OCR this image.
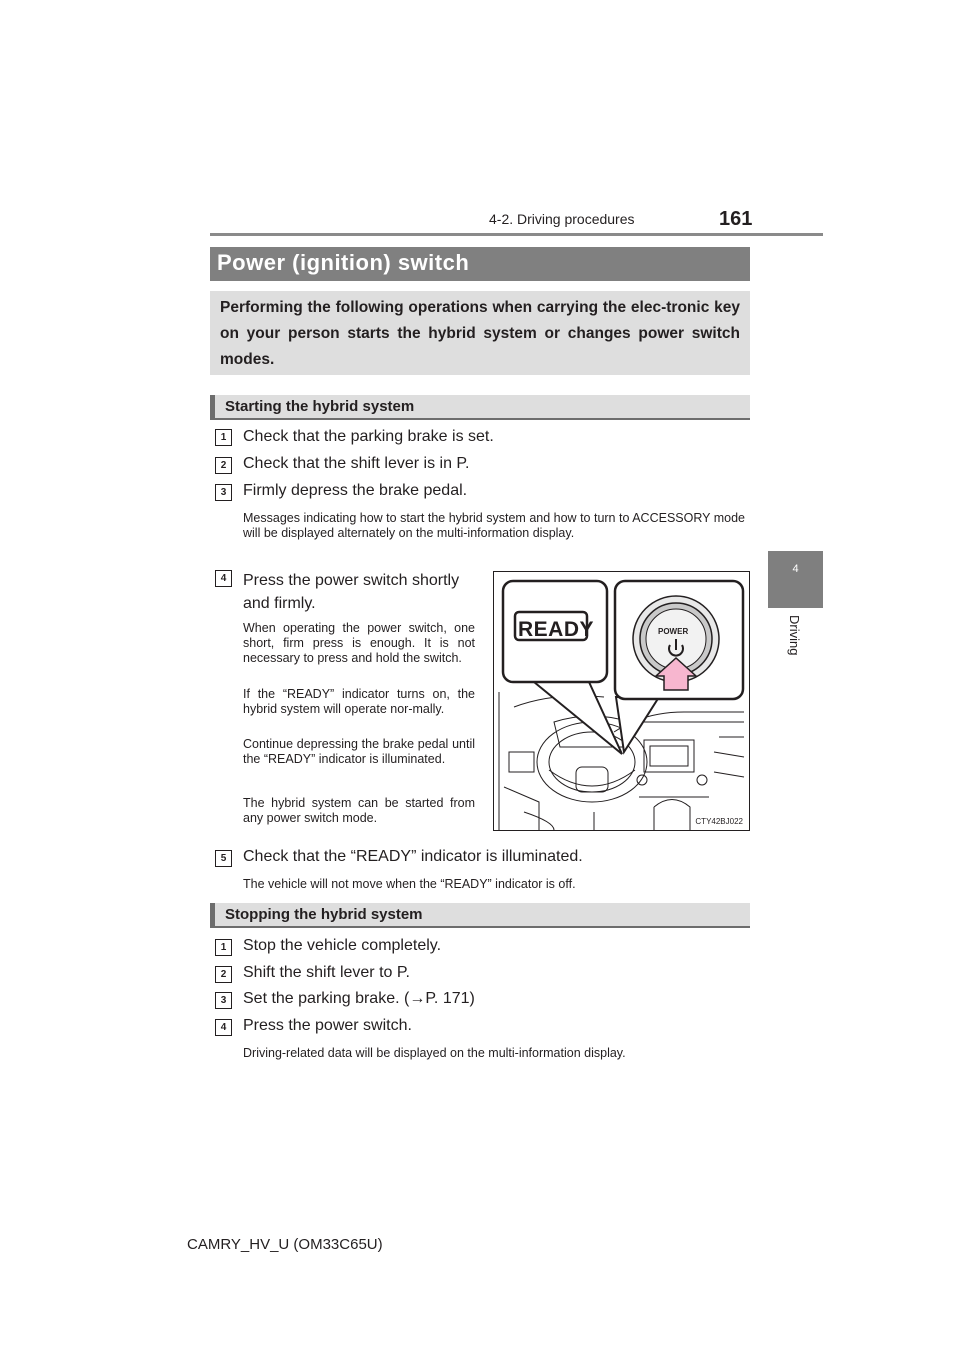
4-2. Driving procedures	161
4
Driving
Power (ignition) switch

Performing the following operations when carrying the elec-tronic key on your person starts the hybrid system or changes power switch modes.

Starting the hybrid system
1	Check that the parking brake is set.
2	Check that the shift lever is in P.
3	Firmly depress the brake pedal.
Messages indicating how to start the hybrid system and how to turn to ACCESSORY mode will be displayed alternately on the multi-information display.
4	Press the power switch shortly and firmly.
When operating the power switch, one short, firm press is enough. It is not necessary to press and hold the switch.
If the “READY” indicator turns on, the hybrid system will operate nor-mally.
Continue depressing the brake pedal until the “READY” indicator is illuminated.
The hybrid system can be started from any power switch mode.
READY	POWER
CTY42BJ022
5	Check that the “READY” indicator is illuminated.
The vehicle will not move when the “READY” indicator is off.
Stopping the hybrid system
1	Stop the vehicle completely.
2	Shift the shift lever to P.
3	Set the parking brake. (→P. 171)
4	Press the power switch.
Driving-related data will be displayed on the multi-information display.
CAMRY_HV_U (OM33C65U)
